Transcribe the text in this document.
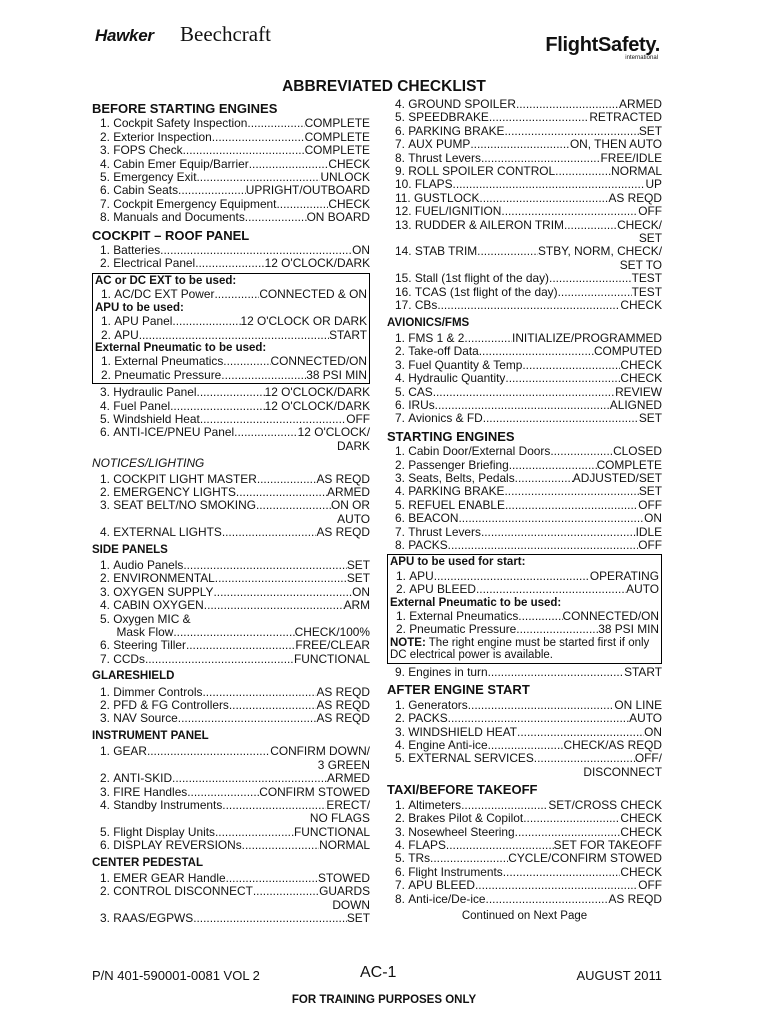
Hawker Beechcraft	FlightSafety.
international
ABBREVIATED CHECKLIST
BEFORE STARTING ENGINES
1. Cockpit Safety Inspection .....	COMPLETE
2. Exterior Inspection .....	COMPLETE
3. FOPS Check .....	COMPLETE
4. Cabin Emer Equip/Barrier .....	CHECK
5. Emergency Exit .....	UNLOCK
6. Cabin Seats .....	UPRIGHT/OUTBOARD
7. Cockpit Emergency Equipment .....	CHECK
8. Manuals and Documents .....	ON BOARD
COCKPIT – ROOF PANEL
1. Batteries .....	ON
2. Electrical Panel .....	12 O'CLOCK/DARK
AC or DC EXT to be used:
1. AC/DC EXT Power .....	CONNECTED & ON
APU to be used:
1. APU Panel .....	12 O'CLOCK OR DARK
2. APU .....	START
External Pneumatic to be used:
1. External Pneumatics .....	CONNECTED/ON
2. Pneumatic Pressure .....	38 PSI MIN
3. Hydraulic Panel .....	12 O'CLOCK/DARK
4. Fuel Panel .....	12 O'CLOCK/DARK
5. Windshield Heat .....	OFF
6. ANTI-ICE/PNEU Panel .....	12 O'CLOCK/
DARK
NOTICES/LIGHTING
1. COCKPIT LIGHT MASTER .....	AS REQD
2. EMERGENCY LIGHTS .....	ARMED
3. SEAT BELT/NO SMOKING .....	ON OR
AUTO
4. EXTERNAL LIGHTS .....	AS REQD
SIDE PANELS
1. Audio Panels .....	SET
2. ENVIRONMENTAL .....	SET
3. OXYGEN SUPPLY .....	ON
4. CABIN OXYGEN .....	ARM
5. Oxygen MIC &
Mask Flow .....	CHECK/100%
6. Steering Tiller .....	FREE/CLEAR
7. CCDs .....	FUNCTIONAL
GLARESHIELD
1. Dimmer Controls .....	AS REQD
2. PFD & FG Controllers .....	AS REQD
3. NAV Source .....	AS REQD
INSTRUMENT PANEL
1. GEAR .....	CONFIRM DOWN/
3 GREEN
2. ANTI-SKID .....	ARMED
3. FIRE Handles .....	CONFIRM STOWED
4. Standby Instruments .....	ERECT/
NO FLAGS
5. Flight Display Units .....	FUNCTIONAL
6. DISPLAY REVERSIONs .....	NORMAL
CENTER PEDESTAL
1. EMER GEAR Handle .....	STOWED
2. CONTROL DISCONNECT .....	GUARDS
DOWN
3. RAAS/EGPWS .....	SET
4. GROUND SPOILER .....	ARMED
5. SPEEDBRAKE .....	RETRACTED
6. PARKING BRAKE .....	SET
7. AUX PUMP .....	ON, THEN AUTO
8. Thrust Levers .....	FREE/IDLE
9. ROLL SPOILER CONTROL .....	NORMAL
10. FLAPS .....	UP
11. GUSTLOCK .....	AS REQD
12. FUEL/IGNITION .....	OFF
13. RUDDER & AILERON TRIM .....	CHECK/
SET
14. STAB TRIM .....	STBY, NORM, CHECK/
SET TO
15. Stall (1st flight of the day) .....	TEST
16. TCAS (1st flight of the day) .....	TEST
17. CBs .....	CHECK
AVIONICS/FMS
1. FMS 1 & 2 .....	INITIALIZE/PROGRAMMED
2. Take-off Data .....	COMPUTED
3. Fuel Quantity & Temp .....	CHECK
4. Hydraulic Quantity .....	CHECK
5. CAS .....	REVIEW
6. IRUs .....	ALIGNED
7. Avionics & FD .....	SET
STARTING ENGINES
1. Cabin Door/External Doors .....	CLOSED
2. Passenger Briefing .....	COMPLETE
3. Seats, Belts, Pedals .....	ADJUSTED/SET
4. PARKING BRAKE .....	SET
5. REFUEL ENABLE .....	OFF
6. BEACON .....	ON
7. Thrust Levers .....	IDLE
8. PACKS .....	OFF
APU to be used for start:
1. APU .....	OPERATING
2. APU BLEED .....	AUTO
External Pneumatic to be used:
1. External Pneumatics .....	CONNECTED/ON
2. Pneumatic Pressure .....	38 PSI MIN
NOTE: The right engine must be started first if only DC electrical power is available.
9. Engines in turn .....	START
AFTER ENGINE START
1. Generators .....	ON LINE
2. PACKS .....	AUTO
3. WINDSHIELD HEAT .....	ON
4. Engine Anti-ice .....	CHECK/AS REQD
5. EXTERNAL SERVICES .....	OFF/
DISCONNECT
TAXI/BEFORE TAKEOFF
1. Altimeters .....	SET/CROSS CHECK
2. Brakes Pilot & Copilot .....	CHECK
3. Nosewheel Steering .....	CHECK
4. FLAPS .....	SET FOR TAKEOFF
5. TRs .....	CYCLE/CONFIRM STOWED
6. Flight Instruments .....	CHECK
7. APU BLEED .....	OFF
8. Anti-ice/De-ice .....	AS REQD
Continued on Next Page
P/N 401-590001-0081 VOL 2	AC-1	AUGUST 2011
FOR TRAINING PURPOSES ONLY
